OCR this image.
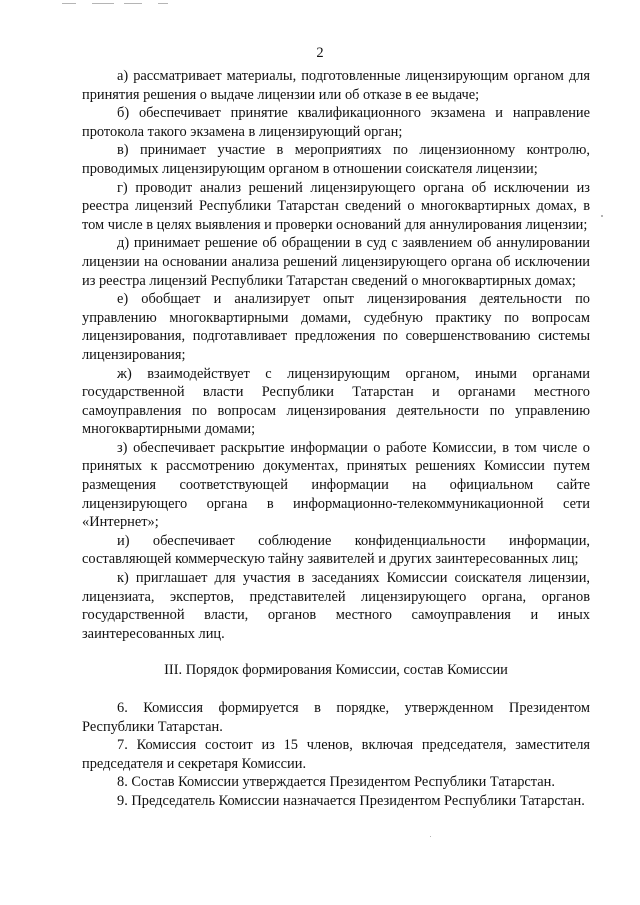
2

а) рассматривает материалы, подготовленные лицензирующим органом для принятия решения о выдаче лицензии или об отказе в ее выдаче;

б) обеспечивает принятие квалификационного экзамена и направление протокола такого экзамена в лицензирующий орган;

в) принимает участие в мероприятиях по лицензионному контролю, проводимых лицензирующим органом в отношении соискателя лицензии;

г) проводит анализ решений лицензирующего органа об исключении из реестра лицензий Республики Татарстан сведений о многоквартирных домах, в том числе в целях выявления и проверки оснований для аннулирования лицензии;

д) принимает решение об обращении в суд с заявлением об аннулировании лицензии на основании анализа решений лицензирующего органа об исключении из реестра лицензий Республики Татарстан сведений о многоквартирных домах;

е) обобщает и анализирует опыт лицензирования деятельности по управлению многоквартирными домами, судебную практику по вопросам лицензирования, подготавливает предложения по совершенствованию системы лицензирования;

ж) взаимодействует с лицензирующим органом, иными органами государственной власти Республики Татарстан и органами местного самоуправления по вопросам лицензирования деятельности по управлению многоквартирными домами;

з) обеспечивает раскрытие информации о работе Комиссии, в том числе о принятых к рассмотрению документах, принятых решениях Комиссии путем размещения соответствующей информации на официальном сайте лицензирующего органа в информационно-телекоммуникационной сети «Интернет»;

и) обеспечивает соблюдение конфиденциальности информации, составляющей коммерческую тайну заявителей и других заинтересованных лиц;

к) приглашает для участия в заседаниях Комиссии соискателя лицензии, лицензиата, экспертов, представителей лицензирующего органа, органов государственной власти, органов местного самоуправления и иных заинтересованных лиц.

III. Порядок формирования Комиссии, состав Комиссии

6. Комиссия формируется в порядке, утвержденном Президентом Республики Татарстан.

7. Комиссия состоит из 15 членов, включая председателя, заместителя председателя и секретаря Комиссии.

8. Состав Комиссии утверждается Президентом Республики Татарстан.

9. Председатель Комиссии назначается Президентом Республики Татарстан.
